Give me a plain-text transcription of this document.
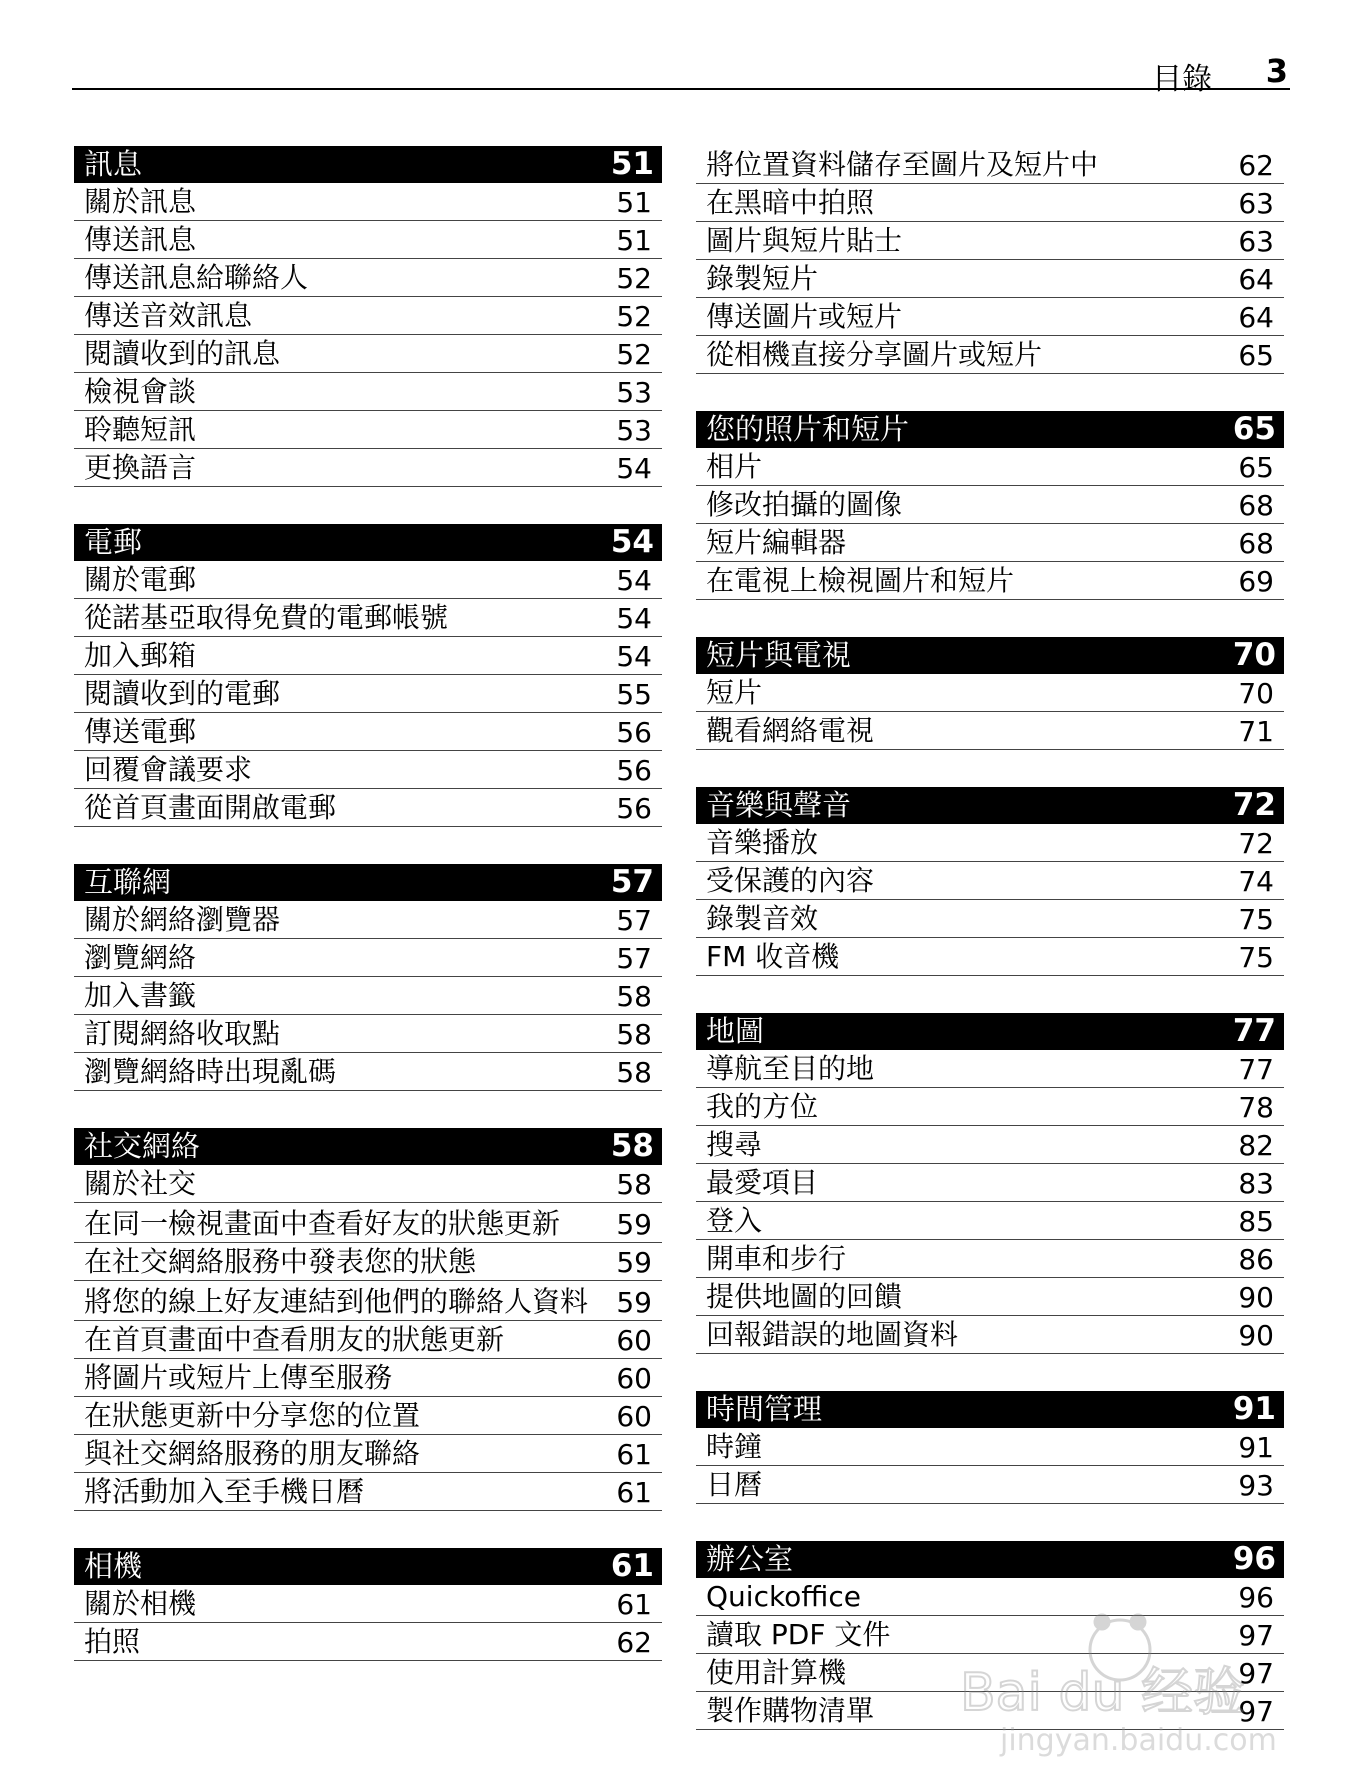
目錄 3
訊息	51
關於訊息	51
傳送訊息	51
傳送訊息給聯絡人	52
傳送音效訊息	52
閱讀收到的訊息	52
檢視會談	53
聆聽短訊	53
更換語言	54
電郵	54
關於電郵	54
從諾基亞取得免費的電郵帳號	54
加入郵箱	54
閱讀收到的電郵	55
傳送電郵	56
回覆會議要求	56
從首頁畫面開啟電郵	56
互聯網	57
關於網絡瀏覽器	57
瀏覽網絡	57
加入書籤	58
訂閱網絡收取點	58
瀏覽網絡時出現亂碼	58
社交網絡	58
關於社交	58
在同一檢視畫面中查看好友的狀態更新	59
在社交網絡服務中發表您的狀態	59
將您的線上好友連結到他們的聯絡人資料	59
在首頁畫面中查看朋友的狀態更新	60
將圖片或短片上傳至服務	60
在狀態更新中分享您的位置	60
與社交網絡服務的朋友聯絡	61
將活動加入至手機日曆	61
相機	61
關於相機	61
拍照	62
將位置資料儲存至圖片及短片中	62
在黑暗中拍照	63
圖片與短片貼士	63
錄製短片	64
傳送圖片或短片	64
從相機直接分享圖片或短片	65
您的照片和短片	65
相片	65
修改拍攝的圖像	68
短片編輯器	68
在電視上檢視圖片和短片	69
短片與電視	70
短片	70
觀看網絡電視	71
音樂與聲音	72
音樂播放	72
受保護的內容	74
錄製音效	75
FM 收音機	75
地圖	77
導航至目的地	77
我的方位	78
搜尋	82
最愛項目	83
登入	85
開車和步行	86
提供地圖的回饋	90
回報錯誤的地圖資料	90
時間管理	91
時鐘	91
日曆	93
辦公室	96
Quickoffice	96
讀取 PDF 文件	97
使用計算機	97
製作購物清單	97
Bai du 经验
jingyan.baidu.com
